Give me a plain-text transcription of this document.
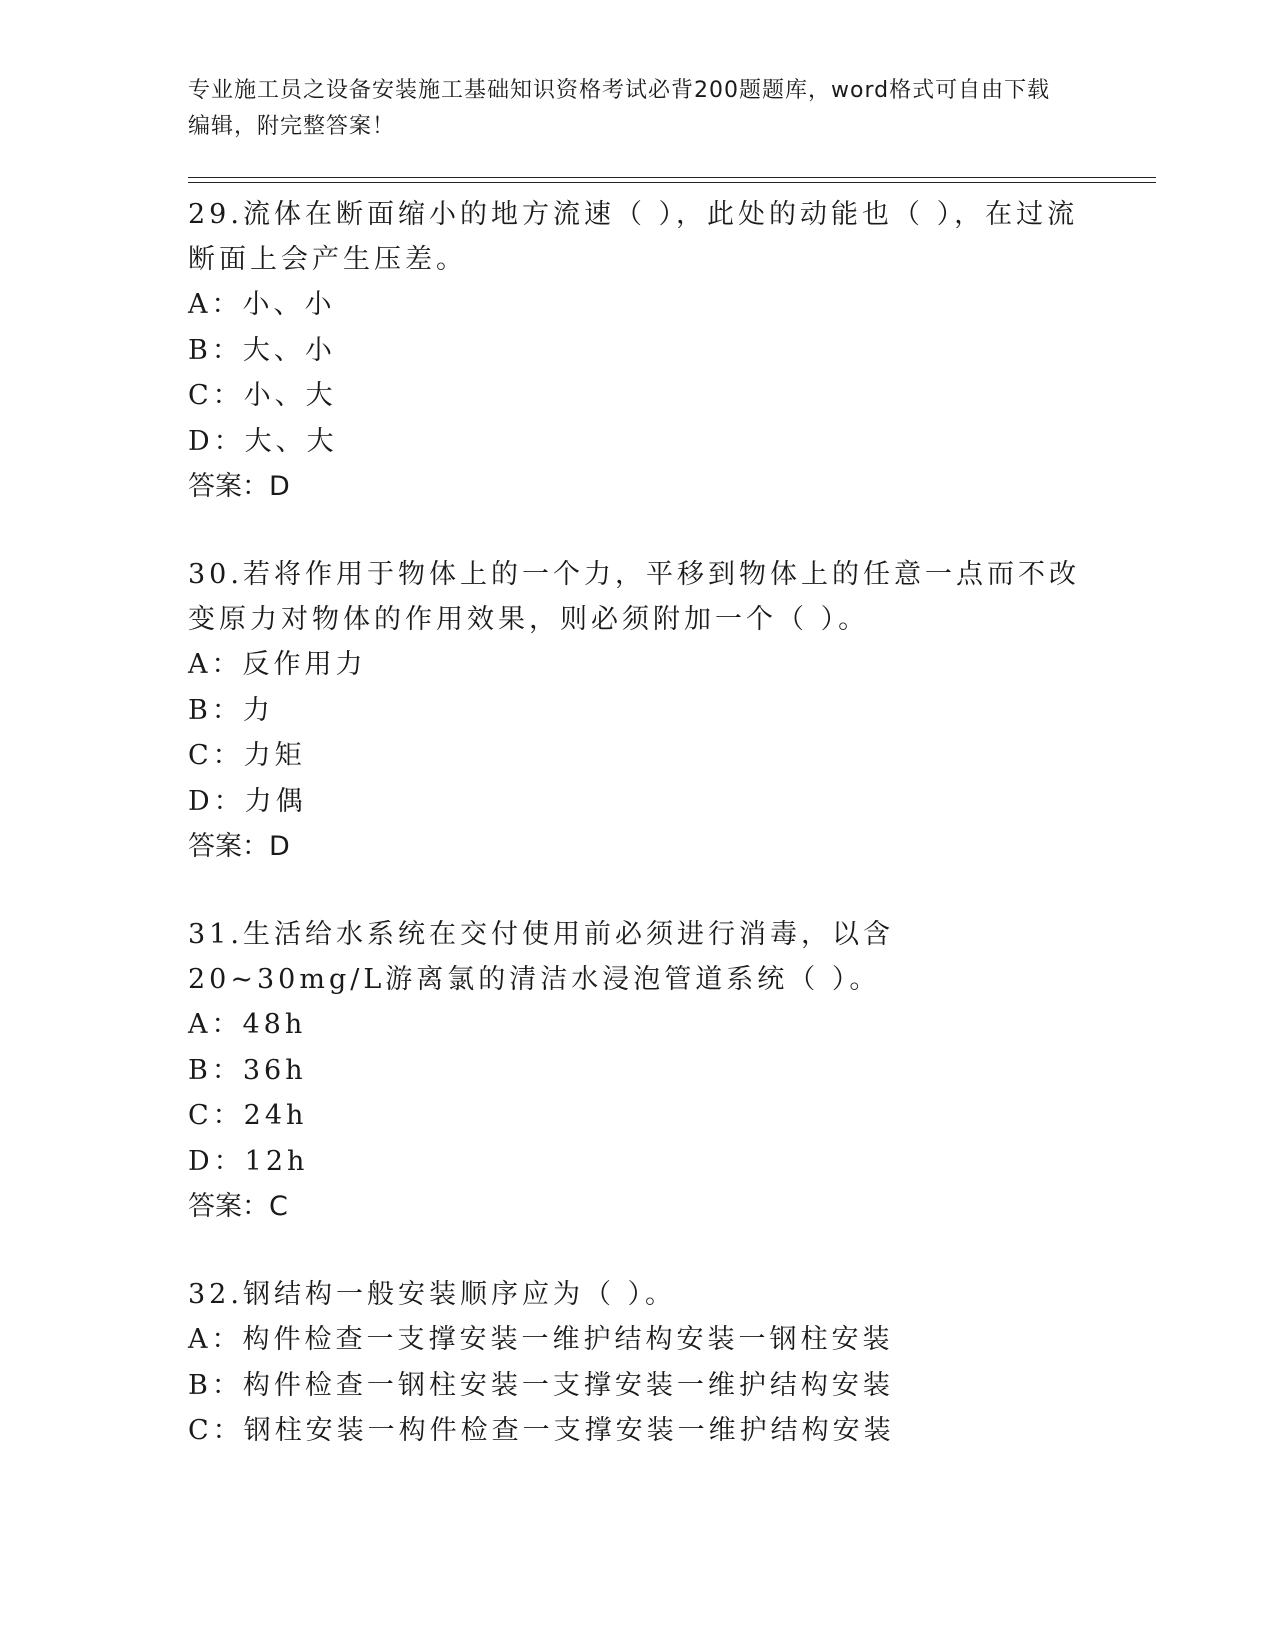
专业施工员之设备安装施工基础知识资格考试必背200题题库，word格式可自由下载编辑，附完整答案！

29.流体在断面缩小的地方流速（ ），此处的动能也（ ），在过流断面上会产生压差。

A：小、小

B：大、小

C：小、大

D：大、大

答案：D

30.若将作用于物体上的一个力，平移到物体上的任意一点而不改变原力对物体的作用效果，则必须附加一个（ ）。

A：反作用力

B：力

C：力矩

D：力偶

答案：D

31.生活给水系统在交付使用前必须进行消毒，以含20~30mg/L游离氯的清洁水浸泡管道系统（ ）。

A：48h

B：36h

C：24h

D：12h

答案：C

32.钢结构一般安装顺序应为（ ）。

A：构件检查一支撑安装一维护结构安装一钢柱安装

B：构件检查一钢柱安装一支撑安装一维护结构安装

C：钢柱安装一构件检查一支撑安装一维护结构安装
